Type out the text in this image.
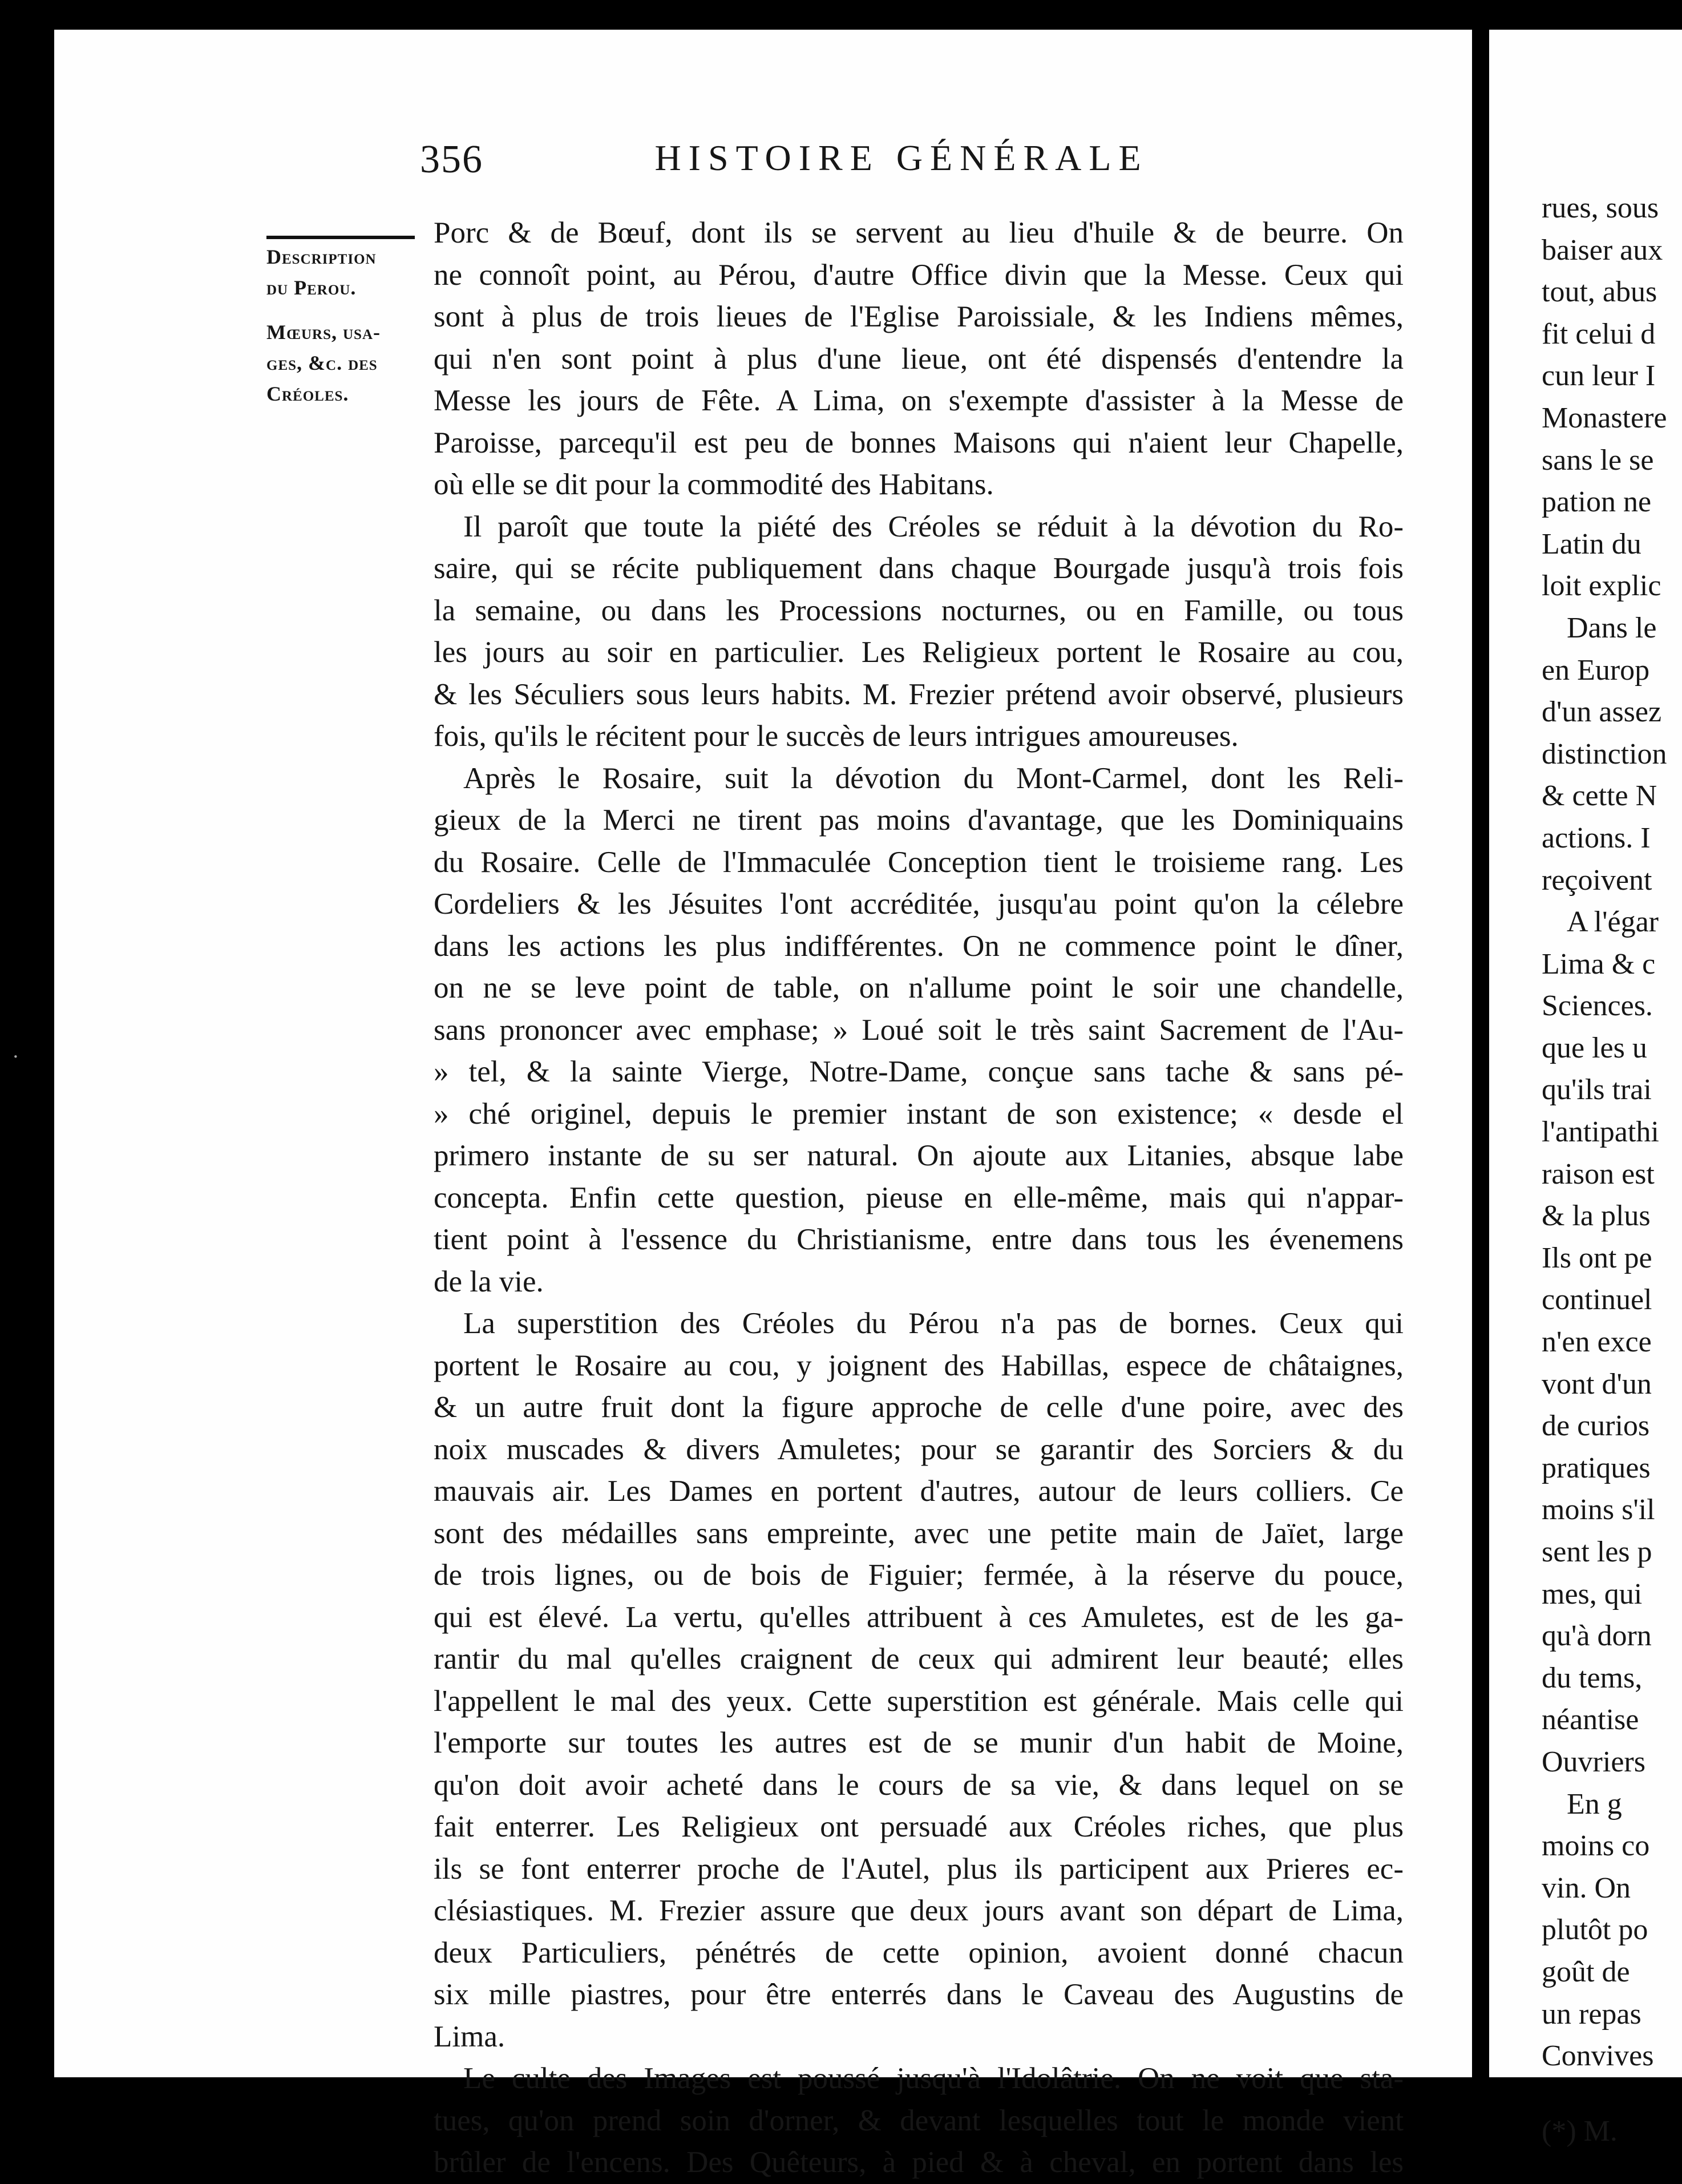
·
356	HISTOIRE GÉNÉRALE
Description
du Perou.
Mœurs, usa-
ges, &c. des
Créoles.
Porc & de Bœuf, dont ils se servent au lieu d'huile & de beurre. On
ne connoît point, au Pérou, d'autre Office divin que la Messe. Ceux qui
sont à plus de trois lieues de l'Eglise Paroissiale, & les Indiens mêmes,
qui n'en sont point à plus d'une lieue, ont été dispensés d'entendre la
Messe les jours de Fête. A Lima, on s'exempte d'assister à la Messe de
Paroisse, parcequ'il est peu de bonnes Maisons qui n'aient leur Chapelle,
où elle se dit pour la commodité des Habitans.
Il paroît que toute la piété des Créoles se réduit à la dévotion du Ro-
saire, qui se récite publiquement dans chaque Bourgade jusqu'à trois fois
la semaine, ou dans les Processions nocturnes, ou en Famille, ou tous
les jours au soir en particulier. Les Religieux portent le Rosaire au cou,
& les Séculiers sous leurs habits. M. Frezier prétend avoir observé, plusieurs
fois, qu'ils le récitent pour le succès de leurs intrigues amoureuses.
Après le Rosaire, suit la dévotion du Mont-Carmel, dont les Reli-
gieux de la Merci ne tirent pas moins d'avantage, que les Dominiquains
du Rosaire. Celle de l'Immaculée Conception tient le troisieme rang. Les
Cordeliers & les Jésuites l'ont accréditée, jusqu'au point qu'on la célebre
dans les actions les plus indifférentes. On ne commence point le dîner,
on ne se leve point de table, on n'allume point le soir une chandelle,
sans prononcer avec emphase; » Loué soit le très saint Sacrement de l'Au-
» tel, & la sainte Vierge, Notre-Dame, conçue sans tache & sans pé-
» ché originel, depuis le premier instant de son existence; « desde el
primero instante de su ser natural. On ajoute aux Litanies, absque labe
concepta. Enfin cette question, pieuse en elle-même, mais qui n'appar-
tient point à l'essence du Christianisme, entre dans tous les évenemens
de la vie.
La superstition des Créoles du Pérou n'a pas de bornes. Ceux qui
portent le Rosaire au cou, y joignent des Habillas, espece de châtaignes,
& un autre fruit dont la figure approche de celle d'une poire, avec des
noix muscades & divers Amuletes; pour se garantir des Sorciers & du
mauvais air. Les Dames en portent d'autres, autour de leurs colliers. Ce
sont des médailles sans empreinte, avec une petite main de Jaïet, large
de trois lignes, ou de bois de Figuier; fermée, à la réserve du pouce,
qui est élevé. La vertu, qu'elles attribuent à ces Amuletes, est de les ga-
rantir du mal qu'elles craignent de ceux qui admirent leur beauté; elles
l'appellent le mal des yeux. Cette superstition est générale. Mais celle qui
l'emporte sur toutes les autres est de se munir d'un habit de Moine,
qu'on doit avoir acheté dans le cours de sa vie, & dans lequel on se
fait enterrer. Les Religieux ont persuadé aux Créoles riches, que plus
ils se font enterrer proche de l'Autel, plus ils participent aux Prieres ec-
clésiastiques. M. Frezier assure que deux jours avant son départ de Lima,
deux Particuliers, pénétrés de cette opinion, avoient donné chacun
six mille piastres, pour être enterrés dans le Caveau des Augustins de
Lima.
Le culte des Images est poussé jusqu'à l'Idolâtrie. On ne voit que sta-
tues, qu'on prend soin d'orner, & devant lesquelles tout le monde vient
brûler de l'encens. Des Quêteurs, à pied & à cheval, en portent dans les
rues, sous
baiser aux
tout, abus
fit celui d
cun leur I
Monastere
sans le se
pation ne
Latin du
loit explic
Dans le
en Europ
d'un assez
distinction
& cette N
actions. I
reçoivent
A l'égar
Lima & c
Sciences.
que les u
qu'ils trai
l'antipathi
raison est
& la plus
Ils ont pe
continuel
n'en exce
vont d'un
de curios
pratiques
moins s'il
sent les p
mes, qui
qu'à dorn
du tems,
néantise
Ouvriers
En g
moins co
vin. On
plutôt po
goût de
un repas
Convives
(*) M.
